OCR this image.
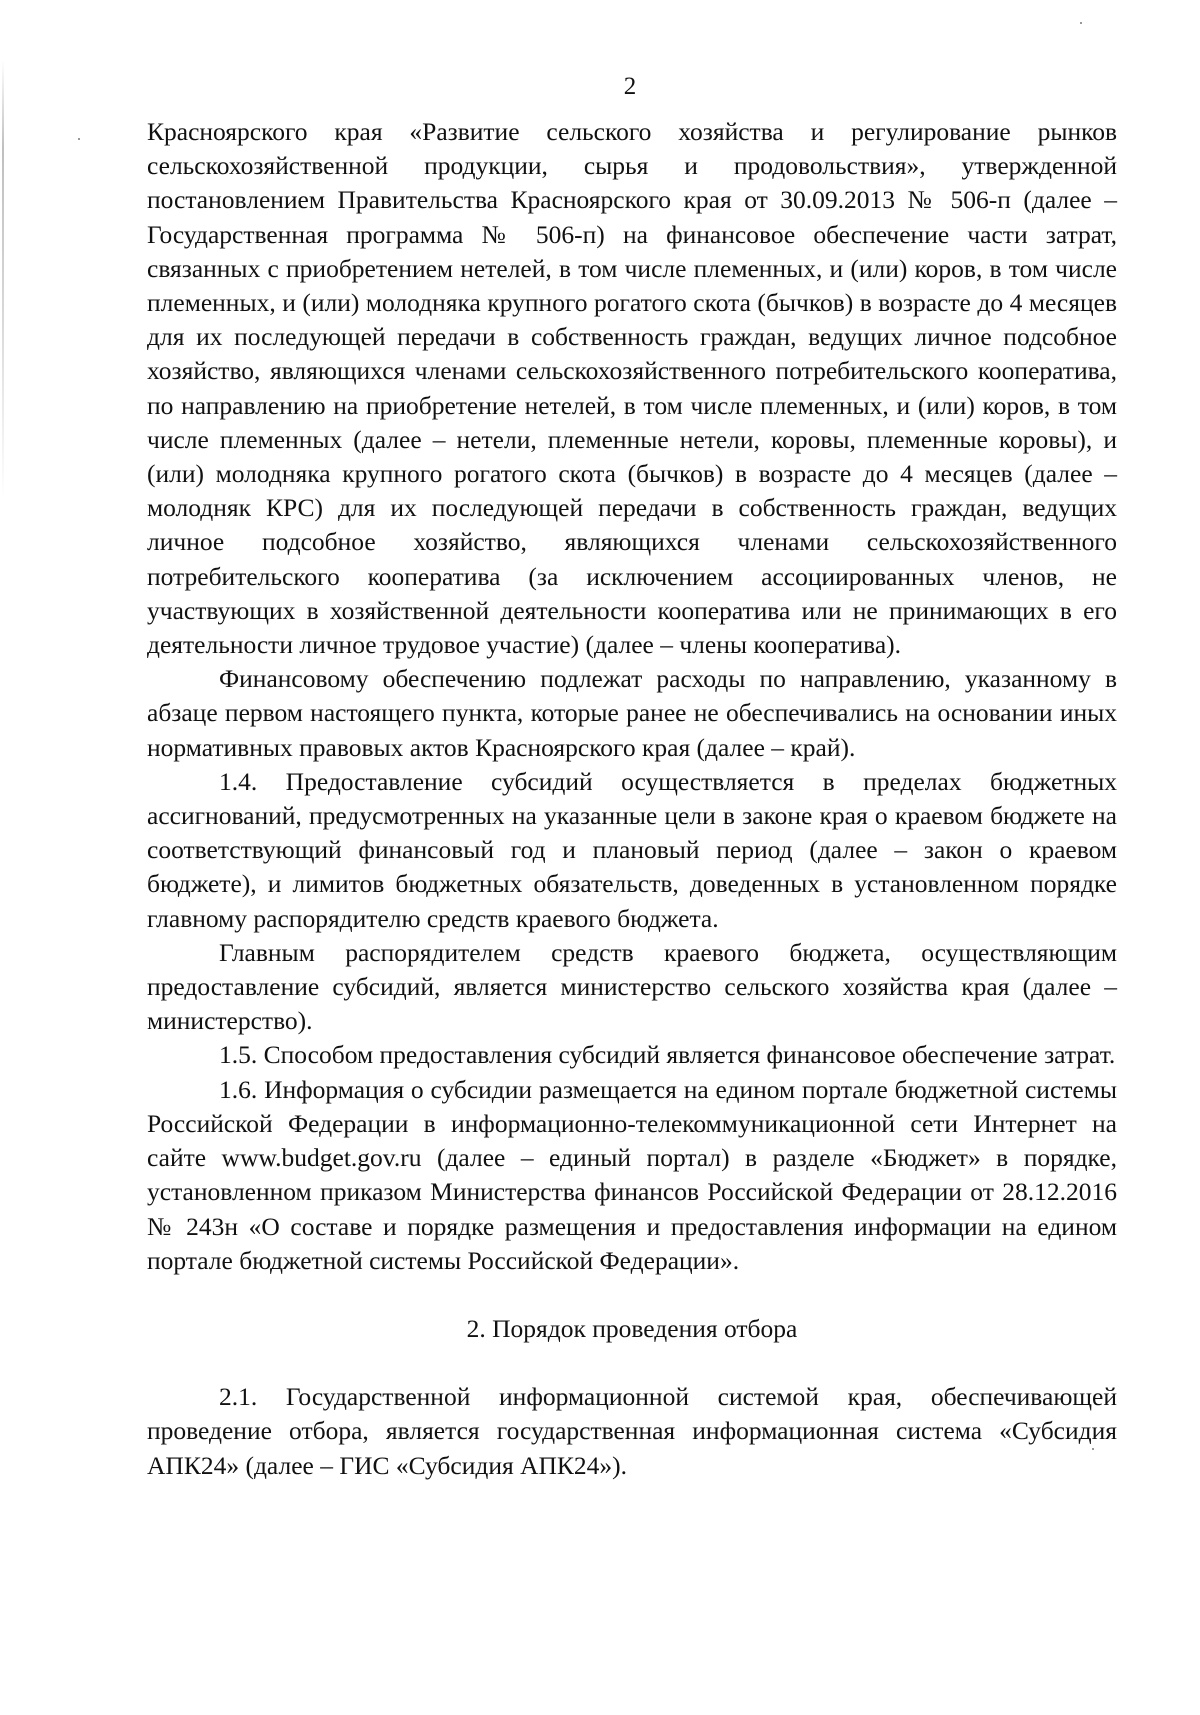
2

Красноярского края «Развитие сельского хозяйства и регулирование рынков сельскохозяйственной продукции, сырья и продовольствия», утвержденной постановлением Правительства Красноярского края от 30.09.2013 № 506-п (далее – Государственная программа № 506-п) на финансовое обеспечение части затрат, связанных с приобретением нетелей, в том числе племенных, и (или) коров, в том числе племенных, и (или) молодняка крупного рогатого скота (бычков) в возрасте до 4 месяцев для их последующей передачи в собственность граждан, ведущих личное подсобное хозяйство, являющихся членами сельскохозяйственного потребительского кооператива, по направлению на приобретение нетелей, в том числе племенных, и (или) коров, в том числе племенных (далее – нетели, племенные нетели, коровы, племенные коровы), и (или) молодняка крупного рогатого скота (бычков) в возрасте до 4 месяцев (далее – молодняк КРС) для их последующей передачи в собственность граждан, ведущих личное подсобное хозяйство, являющихся членами сельскохозяйственного потребительского кооператива (за исключением ассоциированных членов, не участвующих в хозяйственной деятельности кооператива или не принимающих в его деятельности личное трудовое участие) (далее – члены кооператива).

Финансовому обеспечению подлежат расходы по направлению, указанному в абзаце первом настоящего пункта, которые ранее не обеспечивались на основании иных нормативных правовых актов Красноярского края (далее – край).

1.4. Предоставление субсидий осуществляется в пределах бюджетных ассигнований, предусмотренных на указанные цели в законе края о краевом бюджете на соответствующий финансовый год и плановый период (далее – закон о краевом бюджете), и лимитов бюджетных обязательств, доведенных в установленном порядке главному распорядителю средств краевого бюджета.

Главным распорядителем средств краевого бюджета, осуществляющим предоставление субсидий, является министерство сельского хозяйства края (далее – министерство).

1.5. Способом предоставления субсидий является финансовое обеспечение затрат.

1.6. Информация о субсидии размещается на едином портале бюджетной системы Российской Федерации в информационно-телекоммуникационной сети Интернет на сайте www.budget.gov.ru (далее – единый портал) в разделе «Бюджет» в порядке, установленном приказом Министерства финансов Российской Федерации от 28.12.2016 № 243н «О составе и порядке размещения и предоставления информации на едином портале бюджетной системы Российской Федерации».

2. Порядок проведения отбора

2.1. Государственной информационной системой края, обеспечивающей проведение отбора, является государственная информационная система «Субсидия АПК24» (далее – ГИС «Субсидия АПК24»).
